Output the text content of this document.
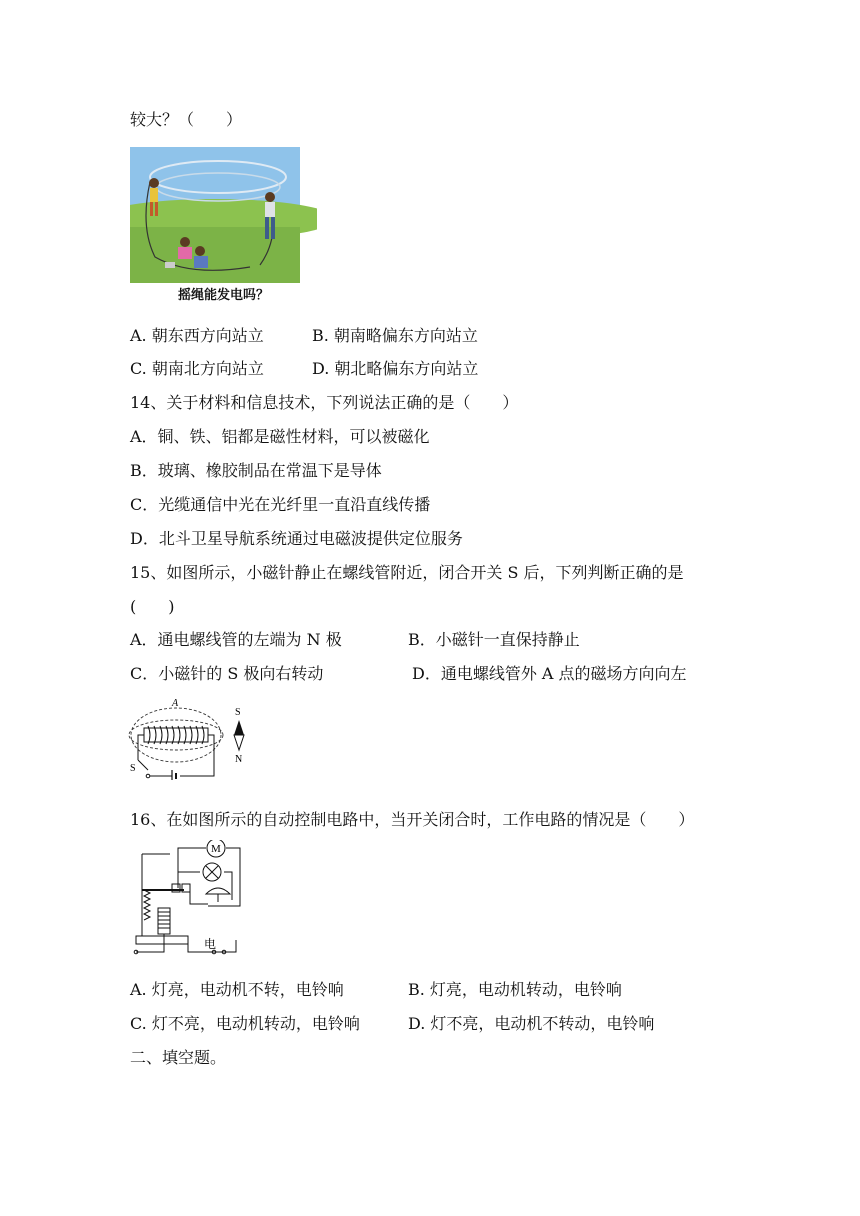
较大？（　　）
摇绳能发电吗？
A. 朝东西方向站立	B. 朝南略偏东方向站立
C. 朝南北方向站立	D. 朝北略偏东方向站立
14、关于材料和信息技术，下列说法正确的是（　　）
A．铜、铁、铝都是磁性材料，可以被磁化
B．玻璃、橡胶制品在常温下是导体
C．光缆通信中光在光纤里一直沿直线传播
D．北斗卫星导航系统通过电磁波提供定位服务
15、如图所示，小磁针静止在螺线管附近，闭合开关 S 后，下列判断正确的是
(　　)
A．通电螺线管的左端为 N 极	B．小磁针一直保持静止
C．小磁针的 S 极向右转动	D．通电螺线管外 A 点的磁场方向向左
A
S
S
N
16、在如图所示的自动控制电路中，当开关闭合时，工作电路的情况是（　　）
M
电
A. 灯亮，电动机不转，电铃响	B. 灯亮，电动机转动，电铃响
C. 灯不亮，电动机转动，电铃响	D. 灯不亮，电动机不转动，电铃响
二、填空题。
